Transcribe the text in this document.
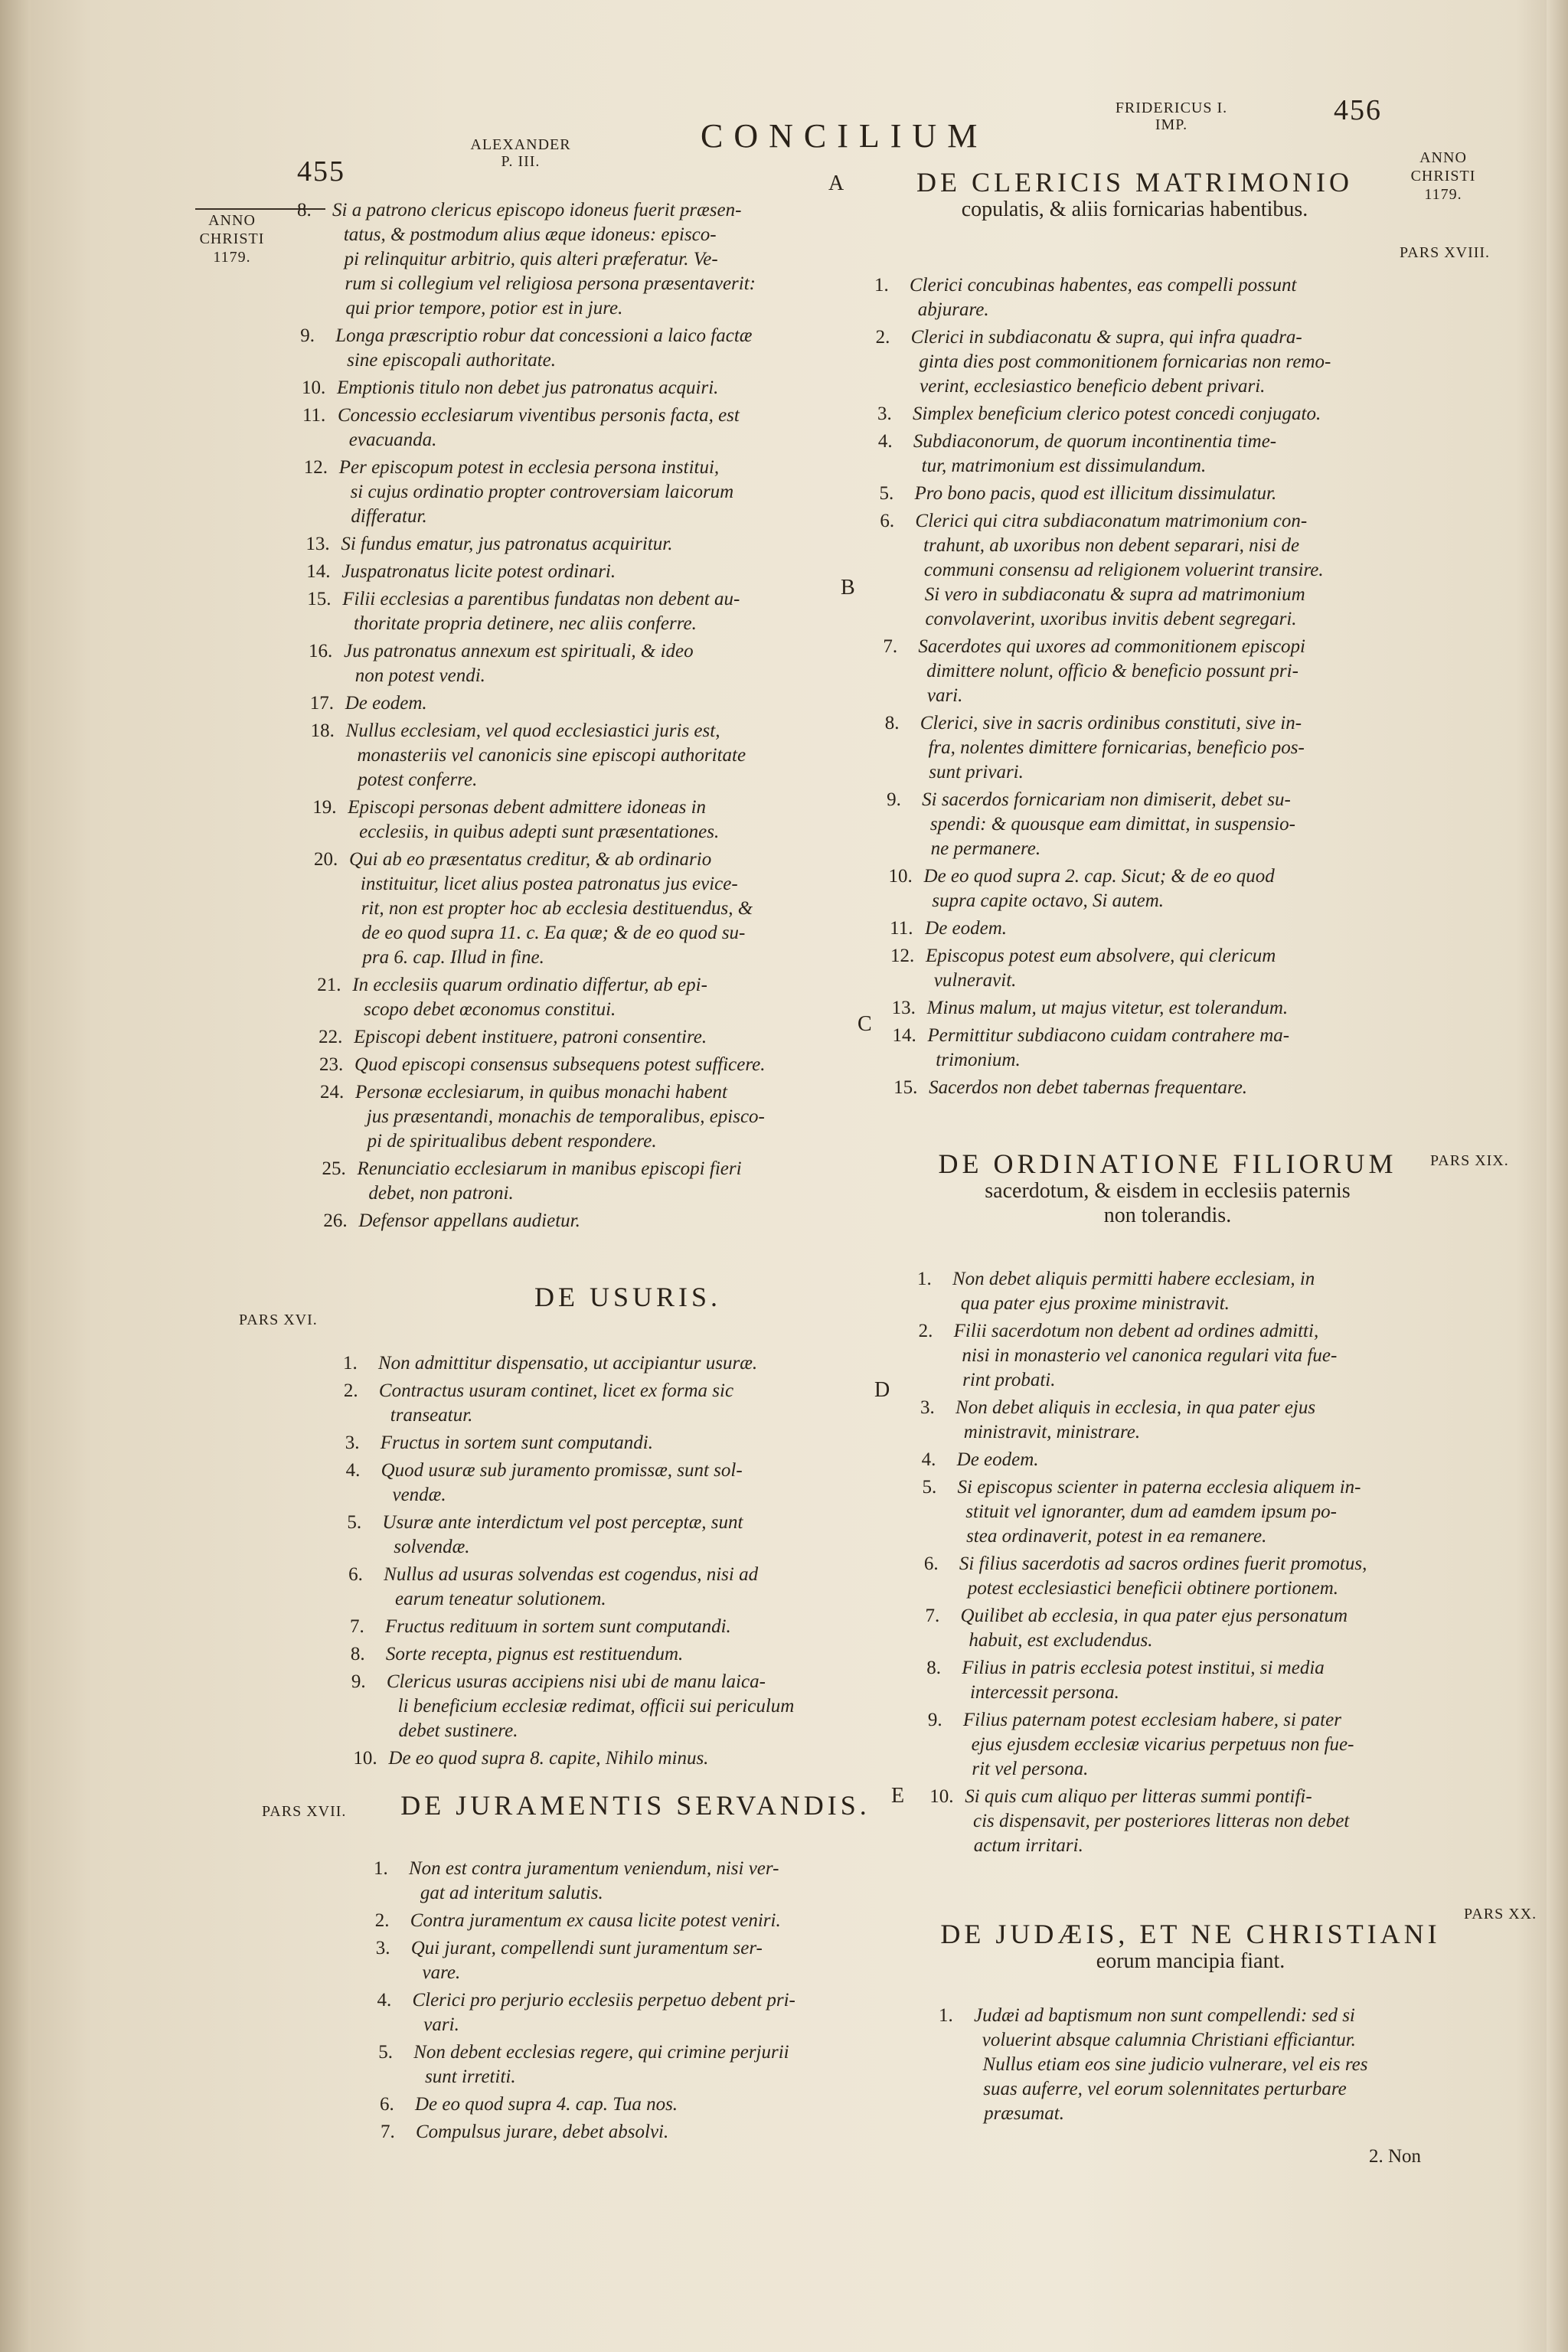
455
ALEXANDER
P. III.
CONCILIUM
FRIDERICUS I.
IMP.	456
ANNO
CHRISTI
1179.
ANNO
CHRISTI
1179.
A
B
C
D
E
8. Si a patrono clericus episcopo idoneus fuerit præsen-
tatus, & postmodum alius æque idoneus: episco-
pi relinquitur arbitrio, quis alteri præferatur. Ve-
rum si collegium vel religiosa persona præsentaverit:
qui prior tempore, potior est in jure.
9. Longa præscriptio robur dat concessioni a laico factæ
sine episcopali authoritate.
10. Emptionis titulo non debet jus patronatus acquiri.
11. Concessio ecclesiarum viventibus personis facta, est
evacuanda.
12. Per episcopum potest in ecclesia persona institui,
si cujus ordinatio propter controversiam laicorum
differatur.
13. Si fundus ematur, jus patronatus acquiritur.
14. Juspatronatus licite potest ordinari.
15. Filii ecclesias a parentibus fundatas non debent au-
thoritate propria detinere, nec aliis conferre.
16. Jus patronatus annexum est spirituali, & ideo
non potest vendi.
17. De eodem.
18. Nullus ecclesiam, vel quod ecclesiastici juris est,
monasteriis vel canonicis sine episcopi authoritate
potest conferre.
19. Episcopi personas debent admittere idoneas in
ecclesiis, in quibus adepti sunt præsentationes.
20. Qui ab eo præsentatus creditur, & ab ordinario
instituitur, licet alius postea patronatus jus evice-
rit, non est propter hoc ab ecclesia destituendus, &
de eo quod supra 11. c. Ea quæ; & de eo quod su-
pra 6. cap. Illud in fine.
21. In ecclesiis quarum ordinatio differtur, ab epi-
scopo debet œconomus constitui.
22. Episcopi debent instituere, patroni consentire.
23. Quod episcopi consensus subsequens potest sufficere.
24. Personæ ecclesiarum, in quibus monachi habent
jus præsentandi, monachis de temporalibus, episco-
pi de spiritualibus debent respondere.
25. Renunciatio ecclesiarum in manibus episcopi fieri
debet, non patroni.
26. Defensor appellans audietur.
DE USURIS.
PARS XVI.
1. Non admittitur dispensatio, ut accipiantur usuræ.
2. Contractus usuram continet, licet ex forma sic
transeatur.
3. Fructus in sortem sunt computandi.
4. Quod usuræ sub juramento promissæ, sunt sol-
vendæ.
5. Usuræ ante interdictum vel post perceptæ, sunt
solvendæ.
6. Nullus ad usuras solvendas est cogendus, nisi ad
earum teneatur solutionem.
7. Fructus redituum in sortem sunt computandi.
8. Sorte recepta, pignus est restituendum.
9. Clericus usuras accipiens nisi ubi de manu laica-
li beneficium ecclesiæ redimat, officii sui periculum
debet sustinere.
10. De eo quod supra 8. capite, Nihilo minus.
DE JURAMENTIS SERVANDIS.
PARS XVII.
1. Non est contra juramentum veniendum, nisi ver-
gat ad interitum salutis.
2. Contra juramentum ex causa licite potest veniri.
3. Qui jurant, compellendi sunt juramentum ser-
vare.
4. Clerici pro perjurio ecclesiis perpetuo debent pri-
vari.
5. Non debent ecclesias regere, qui crimine perjurii
sunt irretiti.
6. De eo quod supra 4. cap. Tua nos.
7. Compulsus jurare, debet absolvi.
DE CLERICIS MATRIMONIO
copulatis, & aliis fornicarias habentibus.
PARS XVIII.
1. Clerici concubinas habentes, eas compelli possunt
abjurare.
2. Clerici in subdiaconatu & supra, qui infra quadra-
ginta dies post commonitionem fornicarias non remo-
verint, ecclesiastico beneficio debent privari.
3. Simplex beneficium clerico potest concedi conjugato.
4. Subdiaconorum, de quorum incontinentia time-
tur, matrimonium est dissimulandum.
5. Pro bono pacis, quod est illicitum dissimulatur.
6. Clerici qui citra subdiaconatum matrimonium con-
trahunt, ab uxoribus non debent separari, nisi de
communi consensu ad religionem voluerint transire.
Si vero in subdiaconatu & supra ad matrimonium
convolaverint, uxoribus invitis debent segregari.
7. Sacerdotes qui uxores ad commonitionem episcopi
dimittere nolunt, officio & beneficio possunt pri-
vari.
8. Clerici, sive in sacris ordinibus constituti, sive in-
fra, nolentes dimittere fornicarias, beneficio pos-
sunt privari.
9. Si sacerdos fornicariam non dimiserit, debet su-
spendi: & quousque eam dimittat, in suspensio-
ne permanere.
10. De eo quod supra 2. cap. Sicut; & de eo quod
supra capite octavo, Si autem.
11. De eodem.
12. Episcopus potest eum absolvere, qui clericum
vulneravit.
13. Minus malum, ut majus vitetur, est tolerandum.
14. Permittitur subdiacono cuidam contrahere ma-
trimonium.
15. Sacerdos non debet tabernas frequentare.
DE ORDINATIONE FILIORUM
sacerdotum, & eisdem in ecclesiis paternis
non tolerandis.
PARS XIX.
1. Non debet aliquis permitti habere ecclesiam, in
qua pater ejus proxime ministravit.
2. Filii sacerdotum non debent ad ordines admitti,
nisi in monasterio vel canonica regulari vita fue-
rint probati.
3. Non debet aliquis in ecclesia, in qua pater ejus
ministravit, ministrare.
4. De eodem.
5. Si episcopus scienter in paterna ecclesia aliquem in-
stituit vel ignoranter, dum ad eamdem ipsum po-
stea ordinaverit, potest in ea remanere.
6. Si filius sacerdotis ad sacros ordines fuerit promotus,
potest ecclesiastici beneficii obtinere portionem.
7. Quilibet ab ecclesia, in qua pater ejus personatum
habuit, est excludendus.
8. Filius in patris ecclesia potest institui, si media
intercessit persona.
9. Filius paternam potest ecclesiam habere, si pater
ejus ejusdem ecclesiæ vicarius perpetuus non fue-
rit vel persona.
10. Si quis cum aliquo per litteras summi pontifi-
cis dispensavit, per posteriores litteras non debet
actum irritari.
DE JUDÆIS, ET NE CHRISTIANI
eorum mancipia fiant.
PARS XX.
1. Judæi ad baptismum non sunt compellendi: sed si
voluerint absque calumnia Christiani efficiantur.
Nullus etiam eos sine judicio vulnerare, vel eis res
suas auferre, vel eorum solennitates perturbare
præsumat.
2. Non
